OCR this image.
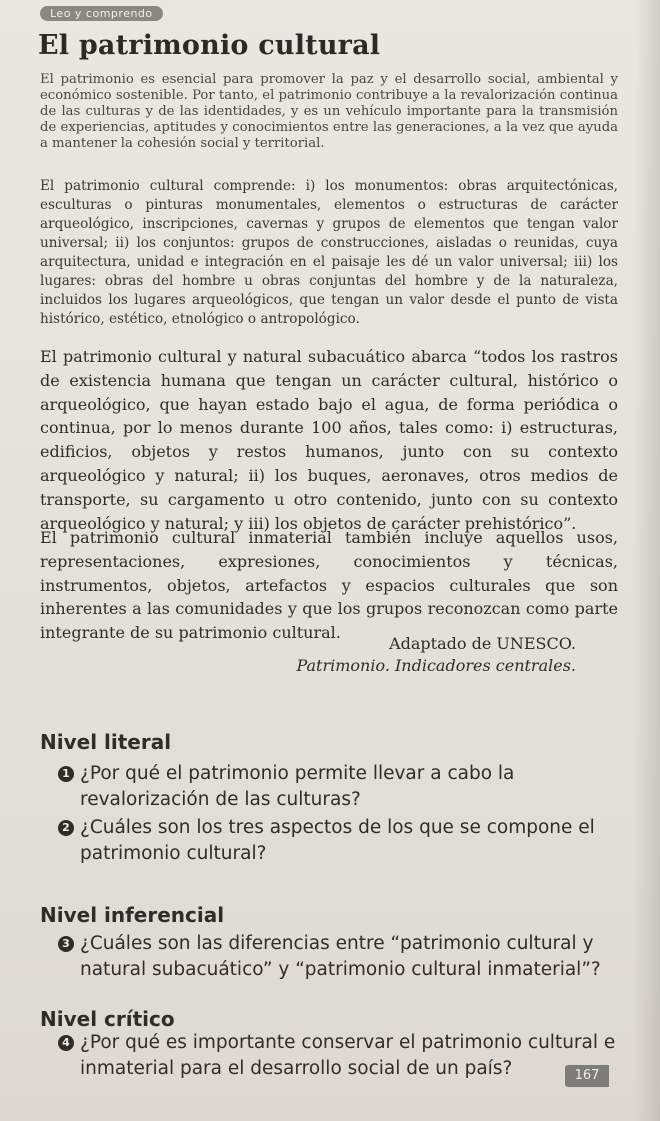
Leo y comprendo
El patrimonio cultural

El patrimonio es esencial para promover la paz y el desarrollo social, ambiental y económico sostenible. Por tanto, el patrimonio contribuye a la revalorización continua de las culturas y de las identidades, y es un vehículo importante para la transmisión de experiencias, aptitudes y conocimientos entre las generaciones, a la vez que ayuda a mantener la cohesión social y territorial.

El patrimonio cultural comprende: i) los monumentos: obras arquitectónicas, esculturas o pinturas monumentales, elementos o estructuras de carácter arqueológico, inscripciones, cavernas y grupos de elementos que tengan valor universal; ii) los conjuntos: grupos de construcciones, aisladas o reunidas, cuya arquitectura, unidad e integración en el paisaje les dé un valor universal; iii) los lugares: obras del hombre u obras conjuntas del hombre y de la naturaleza, incluidos los lugares arqueológicos, que tengan un valor desde el punto de vista histórico, estético, etnológico o antropológico.

El patrimonio cultural y natural subacuático abarca “todos los rastros de existencia humana que tengan un carácter cultural, histórico o arqueológico, que hayan estado bajo el agua, de forma periódica o continua, por lo menos durante 100 años, tales como: i) estructuras, edificios, objetos y restos humanos, junto con su contexto arqueológico y natural; ii) los buques, aeronaves, otros medios de transporte, su cargamento u otro contenido, junto con su contexto arqueológico y natural; y iii) los objetos de carácter prehistórico”.

El patrimonio cultural inmaterial también incluye aquellos usos, representaciones, expresiones, conocimientos y técnicas, instrumentos, objetos, artefactos y espacios culturales que son inherentes a las comunidades y que los grupos reconozcan como parte integrante de su patrimonio cultural.

Adaptado de UNESCO.
Patrimonio. Indicadores centrales.
Nivel literal
1 ¿Por qué el patrimonio permite llevar a cabo la revalorización de las culturas?
2 ¿Cuáles son los tres aspectos de los que se compone el patrimonio cultural?
Nivel inferencial
3 ¿Cuáles son las diferencias entre “patrimonio cultural y natural subacuático” y “patrimonio cultural inmaterial”?
Nivel crítico
4 ¿Por qué es importante conservar el patrimonio cultural e inmaterial para el desarrollo social de un país?	167
